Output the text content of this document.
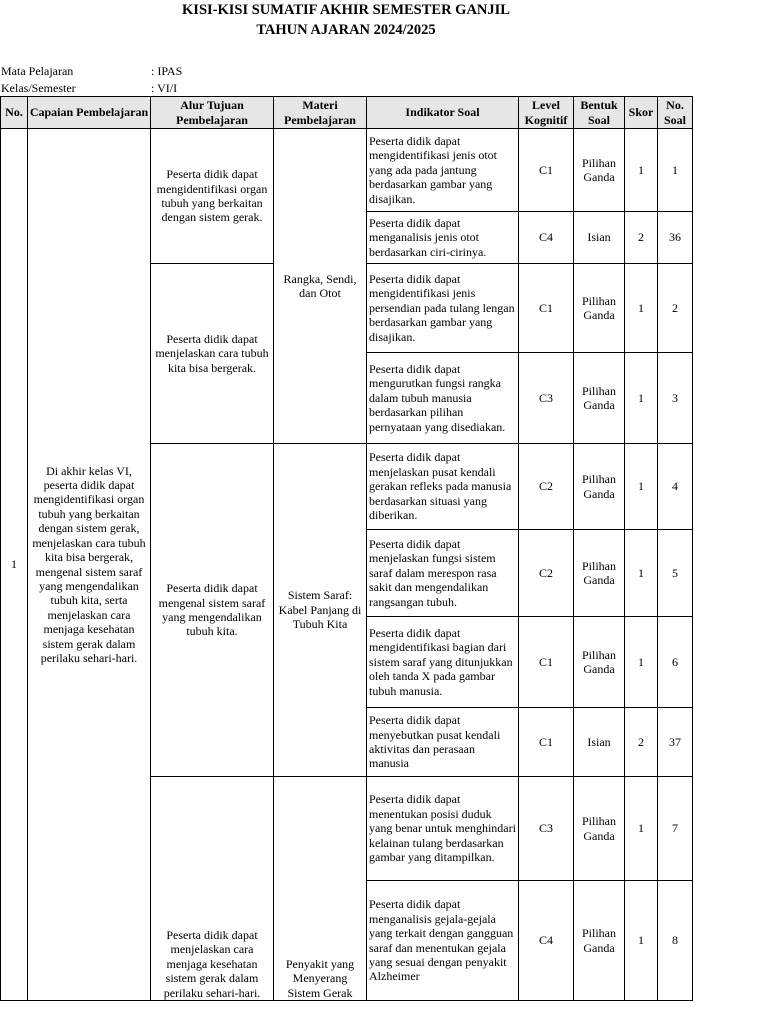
KISI-KISI SUMATIF AKHIR SEMESTER GANJIL
TAHUN AJARAN 2024/2025
Mata Pelajaran	: IPAS
Kelas/Semester	: VI/I
No.	Capaian Pembelajaran	Alur Tujuan Pembelajaran	Materi Pembelajaran	Indikator Soal	Level Kognitif	Bentuk Soal	Skor	No. Soal
1	Di akhir kelas VI, peserta didik dapat mengidentifikasi organ tubuh yang berkaitan dengan sistem gerak, menjelaskan cara tubuh kita bisa bergerak, mengenal sistem saraf yang mengendalikan tubuh kita, serta menjelaskan cara menjaga kesehatan sistem gerak dalam perilaku sehari-hari.	Peserta didik dapat mengidentifikasi organ tubuh yang berkaitan dengan sistem gerak.	Rangka, Sendi, dan Otot	Peserta didik dapat mengidentifikasi jenis otot yang ada pada jantung berdasarkan gambar yang disajikan.	C1	Pilihan Ganda	1	1
				Peserta didik dapat menganalisis jenis otot berdasarkan ciri-cirinya.	C4	Isian	2	36
		Peserta didik dapat menjelaskan cara tubuh kita bisa bergerak.		Peserta didik dapat mengidentifikasi jenis persendian pada tulang lengan berdasarkan gambar yang disajikan.	C1	Pilihan Ganda	1	2
				Peserta didik dapat mengurutkan fungsi rangka dalam tubuh manusia berdasarkan pilihan pernyataan yang disediakan.	C3	Pilihan Ganda	1	3
		Peserta didik dapat mengenal sistem saraf yang mengendalikan tubuh kita.	Sistem Saraf: Kabel Panjang di Tubuh Kita	Peserta didik dapat menjelaskan pusat kendali gerakan refleks pada manusia berdasarkan situasi yang diberikan.	C2	Pilihan Ganda	1	4
				Peserta didik dapat menjelaskan fungsi sistem saraf dalam merespon rasa sakit dan mengendalikan rangsangan tubuh.	C2	Pilihan Ganda	1	5
				Peserta didik dapat mengidentifikasi bagian dari sistem saraf yang ditunjukkan oleh tanda X pada gambar tubuh manusia.	C1	Pilihan Ganda	1	6
				Peserta didik dapat menyebutkan pusat kendali aktivitas dan perasaan manusia	C1	Isian	2	37
		Peserta didik dapat menjelaskan cara menjaga kesehatan sistem gerak dalam perilaku sehari-hari.	Penyakit yang Menyerang Sistem Gerak	Peserta didik dapat menentukan posisi duduk yang benar untuk menghindari kelainan tulang berdasarkan gambar yang ditampilkan.	C3	Pilihan Ganda	1	7
				Peserta didik dapat menganalisis gejala-gejala yang terkait dengan gangguan saraf dan menentukan gejala yang sesuai dengan penyakit Alzheimer	C4	Pilihan Ganda	1	8
